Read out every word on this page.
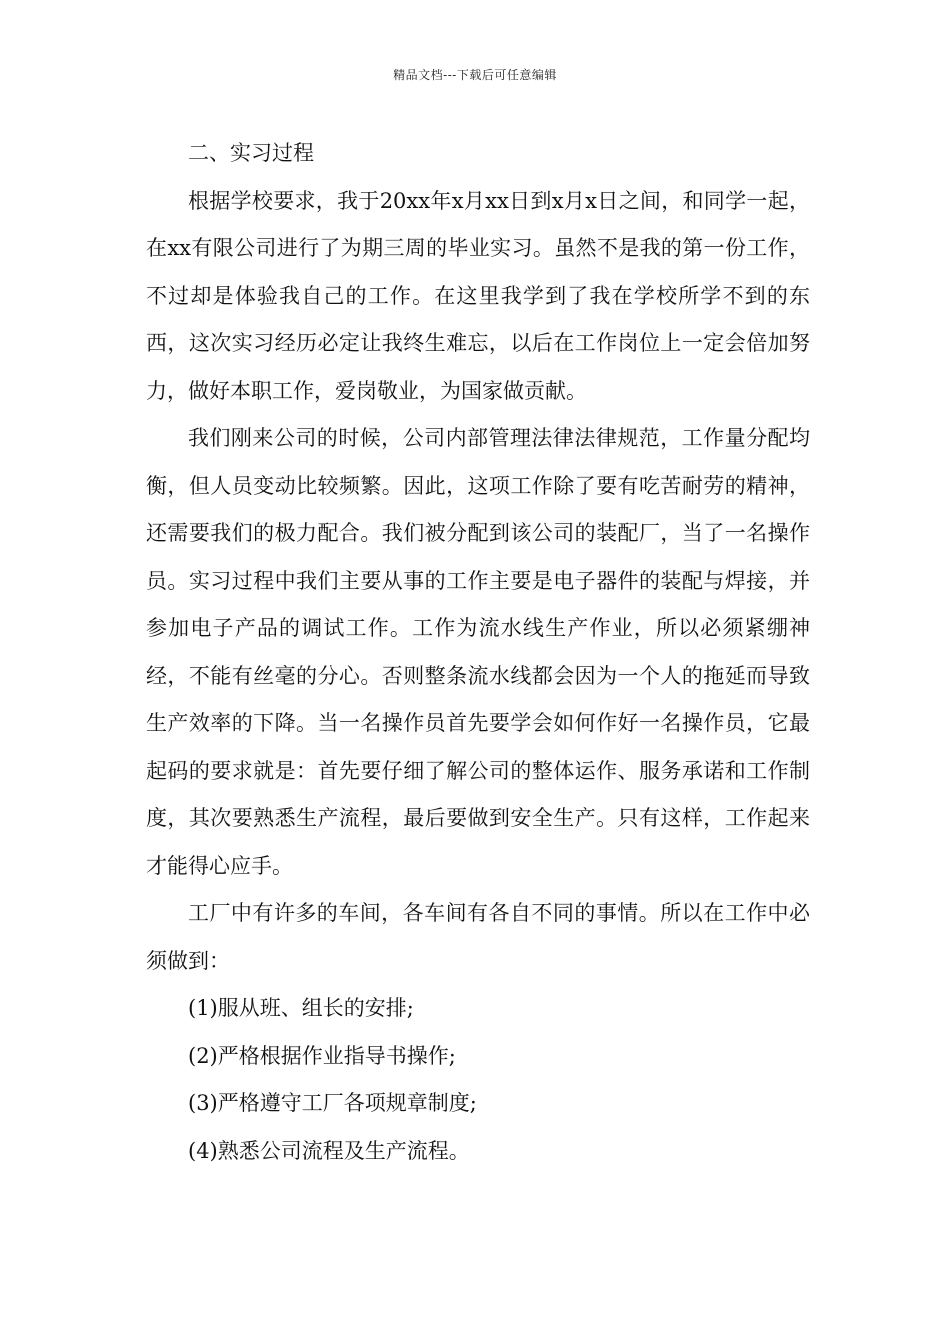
精品文档---下载后可任意编辑

二、实习过程

根据学校要求，我于20xx年x月xx日到x月x日之间，和同学一起，在xx有限公司进行了为期三周的毕业实习。虽然不是我的第一份工作，不过却是体验我自己的工作。在这里我学到了我在学校所学不到的东西，这次实习经历必定让我终生难忘，以后在工作岗位上一定会倍加努力，做好本职工作，爱岗敬业，为国家做贡献。

我们刚来公司的时候，公司内部管理法律法律规范，工作量分配均衡，但人员变动比较频繁。因此，这项工作除了要有吃苦耐劳的精神，还需要我们的极力配合。我们被分配到该公司的装配厂，当了一名操作员。实习过程中我们主要从事的工作主要是电子器件的装配与焊接，并参加电子产品的调试工作。工作为流水线生产作业，所以必须紧绷神经，不能有丝毫的分心。否则整条流水线都会因为一个人的拖延而导致生产效率的下降。当一名操作员首先要学会如何作好一名操作员，它最起码的要求就是：首先要仔细了解公司的整体运作、服务承诺和工作制度，其次要熟悉生产流程，最后要做到安全生产。只有这样，工作起来才能得心应手。

工厂中有许多的车间，各车间有各自不同的事情。所以在工作中必须做到：

(1)服从班、组长的安排;

(2)严格根据作业指导书操作;

(3)严格遵守工厂各项规章制度;

(4)熟悉公司流程及生产流程。
